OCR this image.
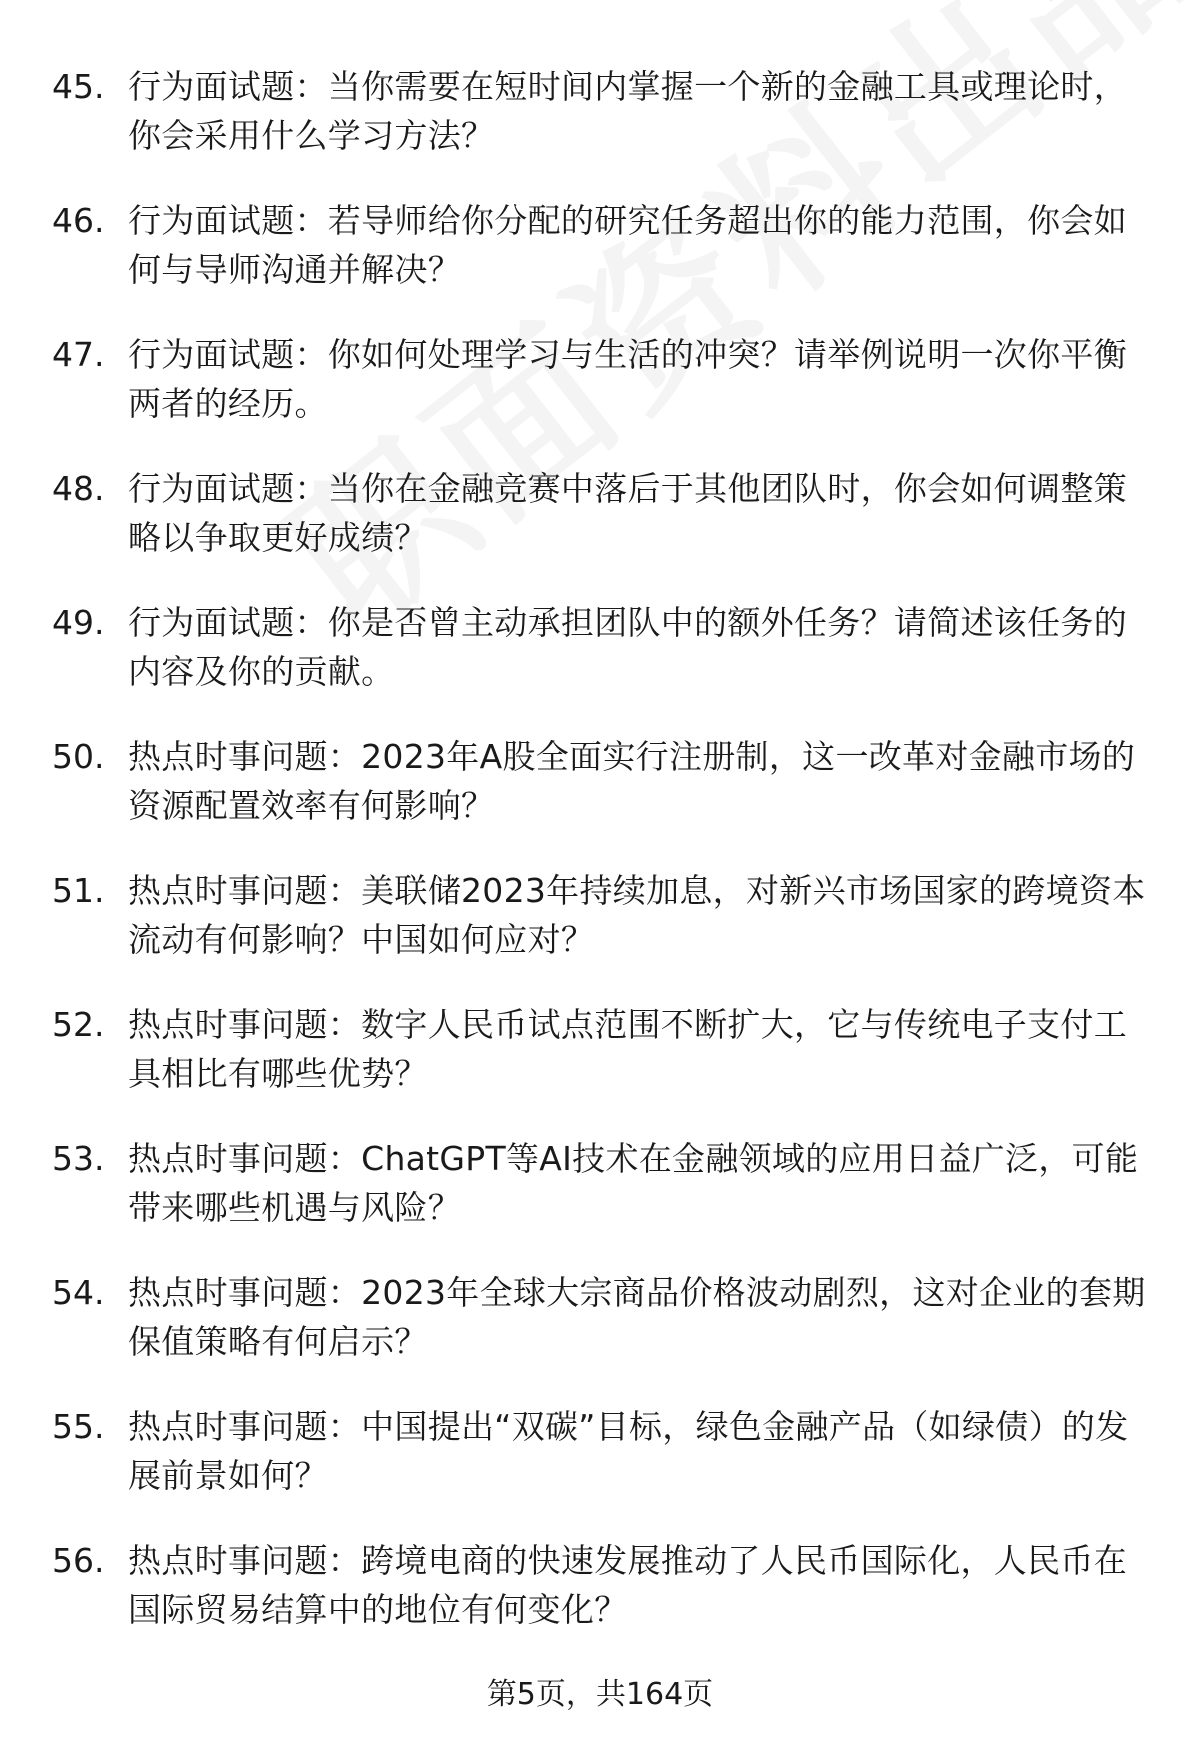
45. 行为面试题：当你需要在短时间内掌握一个新的金融工具或理论时，你会采用什么学习方法？
46. 行为面试题：若导师给你分配的研究任务超出你的能力范围，你会如何与导师沟通并解决？
47. 行为面试题：你如何处理学习与生活的冲突？请举例说明一次你平衡两者的经历。
48. 行为面试题：当你在金融竞赛中落后于其他团队时，你会如何调整策略以争取更好成绩？
49. 行为面试题：你是否曾主动承担团队中的额外任务？请简述该任务的内容及你的贡献。
50. 热点时事问题：2023年A股全面实行注册制，这一改革对金融市场的资源配置效率有何影响？
51. 热点时事问题：美联储2023年持续加息，对新兴市场国家的跨境资本流动有何影响？中国如何应对？
52. 热点时事问题：数字人民币试点范围不断扩大，它与传统电子支付工具相比有哪些优势？
53. 热点时事问题：ChatGPT等AI技术在金融领域的应用日益广泛，可能带来哪些机遇与风险？
54. 热点时事问题：2023年全球大宗商品价格波动剧烈，这对企业的套期保值策略有何启示？
55. 热点时事问题：中国提出“双碳”目标，绿色金融产品（如绿债）的发展前景如何？
56. 热点时事问题：跨境电商的快速发展推动了人民币国际化，人民币在国际贸易结算中的地位有何变化？
第5页，共164页
